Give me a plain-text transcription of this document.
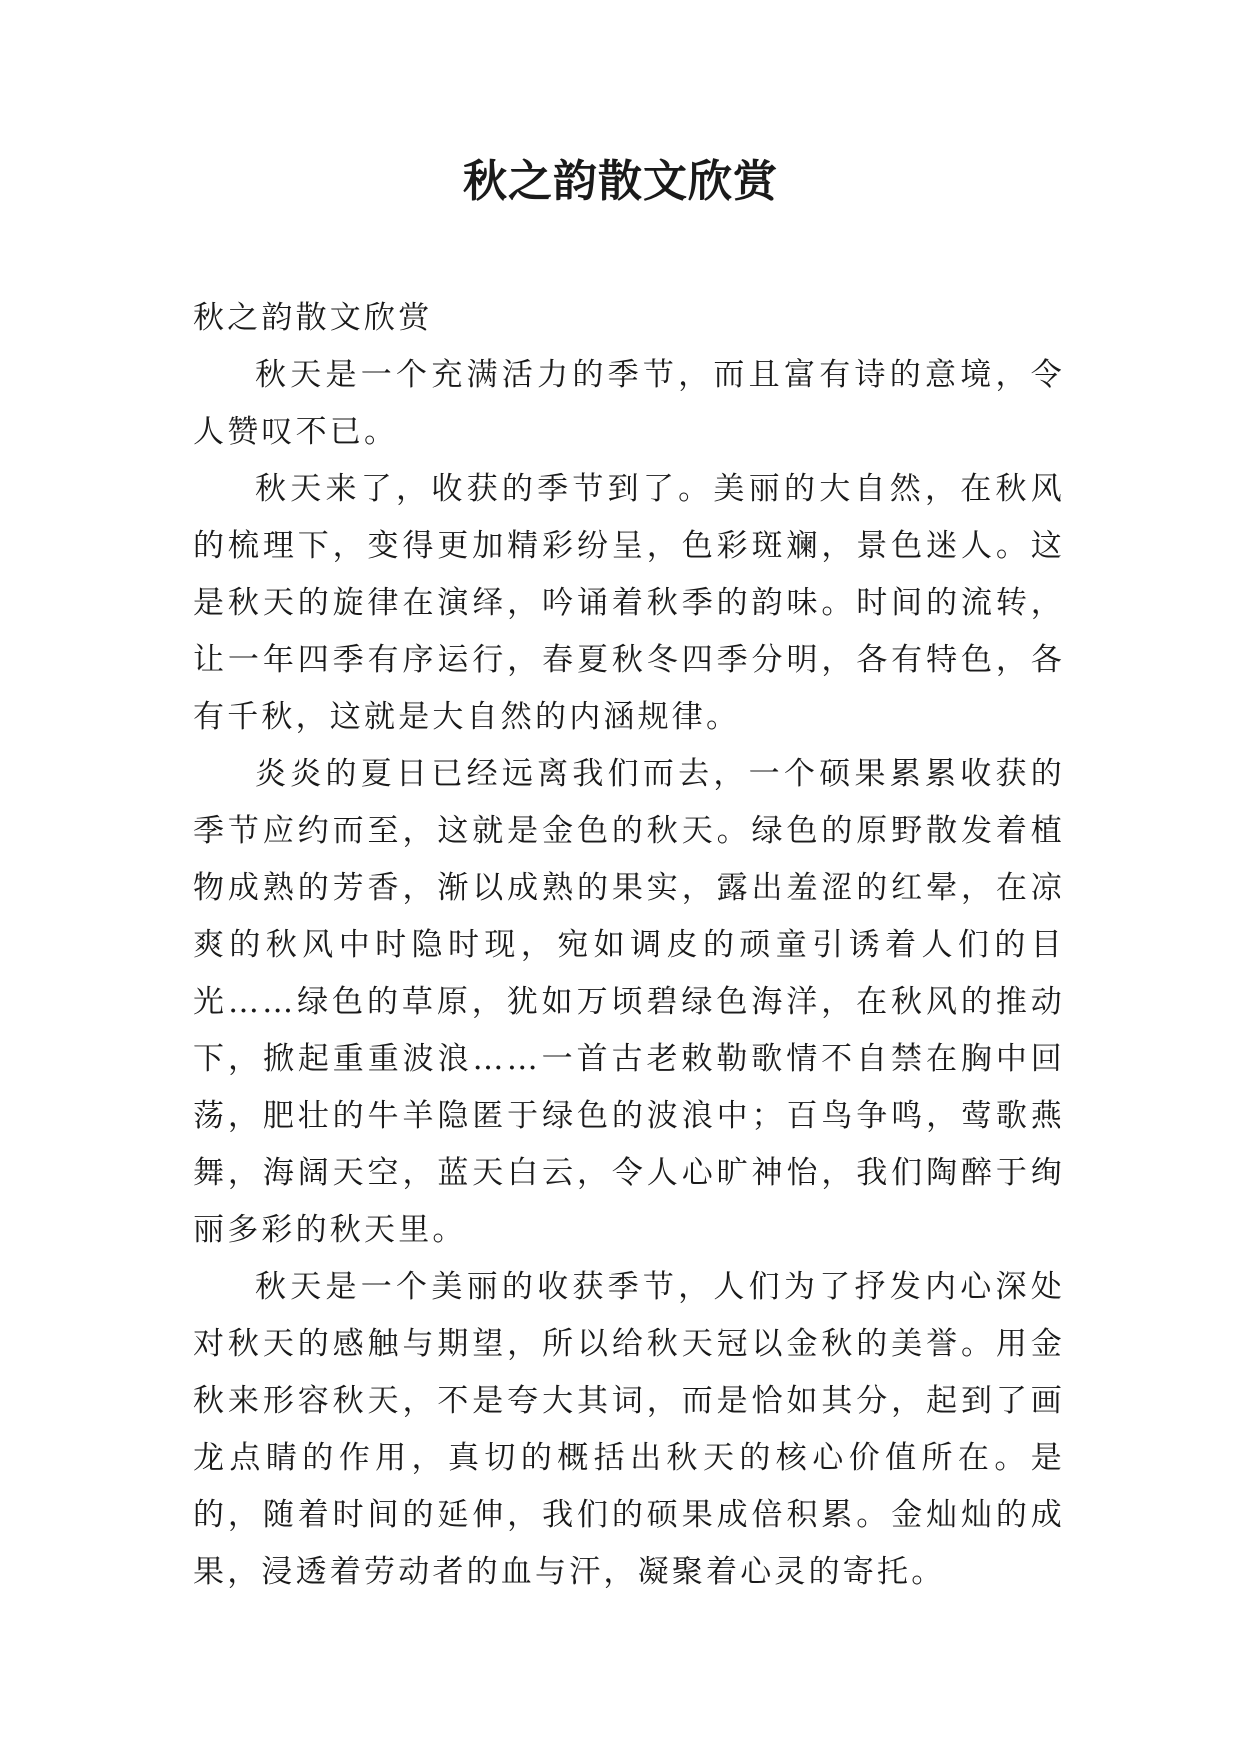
秋之韵散文欣赏

秋之韵散文欣赏

秋天是一个充满活力的季节，而且富有诗的意境，令人赞叹不已。

秋天来了，收获的季节到了。美丽的大自然，在秋风的梳理下，变得更加精彩纷呈，色彩斑斓，景色迷人。这是秋天的旋律在演绎，吟诵着秋季的韵味。时间的流转，让一年四季有序运行，春夏秋冬四季分明，各有特色，各有千秋，这就是大自然的内涵规律。

炎炎的夏日已经远离我们而去，一个硕果累累收获的季节应约而至，这就是金色的秋天。绿色的原野散发着植物成熟的芳香，渐以成熟的果实，露出羞涩的红晕，在凉爽的秋风中时隐时现，宛如调皮的顽童引诱着人们的目光……绿色的草原，犹如万顷碧绿色海洋，在秋风的推动下，掀起重重波浪……一首古老敕勒歌情不自禁在胸中回荡，肥壮的牛羊隐匿于绿色的波浪中；百鸟争鸣，莺歌燕舞，海阔天空，蓝天白云，令人心旷神怡，我们陶醉于绚丽多彩的秋天里。

秋天是一个美丽的收获季节，人们为了抒发内心深处对秋天的感触与期望，所以给秋天冠以金秋的美誉。用金秋来形容秋天，不是夸大其词，而是恰如其分，起到了画龙点睛的作用，真切的概括出秋天的核心价值所在。是的，随着时间的延伸，我们的硕果成倍积累。金灿灿的成果，浸透着劳动者的血与汗，凝聚着心灵的寄托。
